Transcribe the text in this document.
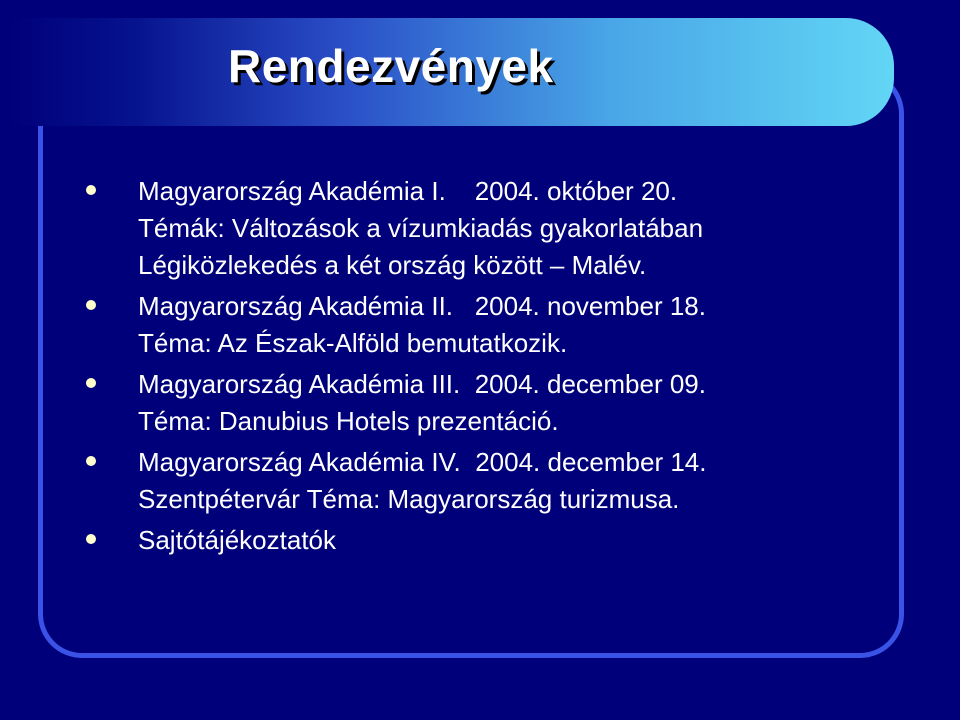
Rendezvények
Magyarország Akadémia I.    2004. október 20.
Témák: Változások a vízumkiadás gyakorlatában
Légiközlekedés a két ország között – Malév.
Magyarország Akadémia II.   2004. november 18.
Téma: Az Észak-Alföld bemutatkozik.
Magyarország Akadémia III.  2004. december 09.
Téma: Danubius Hotels prezentáció.
Magyarország Akadémia IV.  2004. december 14.
Szentpétervár Téma: Magyarország turizmusa.
Sajtótájékoztatók
